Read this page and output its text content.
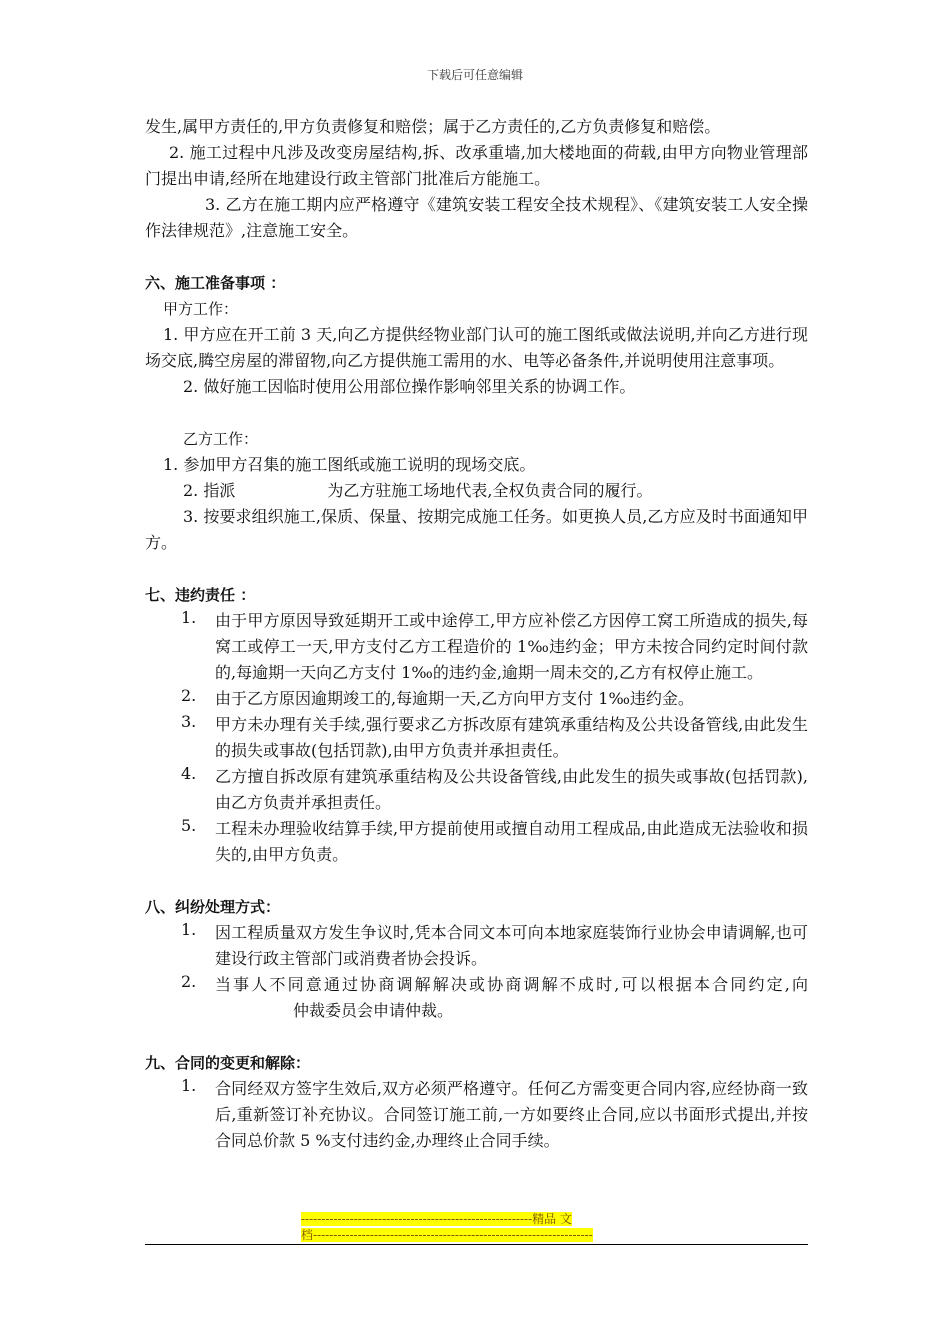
下载后可任意编辑

发生,属甲方责任的,甲方负责修复和赔偿；属于乙方责任的,乙方负责修复和赔偿。

2. 施工过程中凡涉及改变房屋结构,拆、改承重墙,加大楼地面的荷载,由甲方向物业管理部门提出申请,经所在地建设行政主管部门批准后方能施工。

3. 乙方在施工期内应严格遵守《建筑安装工程安全技术规程》、《建筑安装工人安全操作法律规范》,注意施工安全。

六、施工准备事项 ：

甲方工作：

1. 甲方应在开工前 3 天,向乙方提供经物业部门认可的施工图纸或做法说明,并向乙方进行现场交底,腾空房屋的滞留物,向乙方提供施工需用的水、电等必备条件,并说明使用注意事项。

2. 做好施工因临时使用公用部位操作影响邻里关系的协调工作。

乙方工作：

1. 参加甲方召集的施工图纸或施工说明的现场交底。

2. 指派	为乙方驻施工场地代表,全权负责合同的履行。

3. 按要求组织施工,保质、保量、按期完成施工任务。如更换人员,乙方应及时书面通知甲方。

七、违约责任 ：

1.	由于甲方原因导致延期开工或中途停工,甲方应补偿乙方因停工窝工所造成的损失,每窝工或停工一天,甲方支付乙方工程造价的 1‰违约金；甲方未按合同约定时间付款的,每逾期一天向乙方支付 1‰的违约金,逾期一周未交的,乙方有权停止施工。

2.	由于乙方原因逾期竣工的,每逾期一天,乙方向甲方支付 1‰违约金。

3.	甲方未办理有关手续,强行要求乙方拆改原有建筑承重结构及公共设备管线,由此发生的损失或事故(包括罚款),由甲方负责并承担责任。

4.	乙方擅自拆改原有建筑承重结构及公共设备管线,由此发生的损失或事故(包括罚款),由乙方负责并承担责任。

5.	工程未办理验收结算手续,甲方提前使用或擅自动用工程成品,由此造成无法验收和损失的,由甲方负责。

八、纠纷处理方式：

1.	因工程质量双方发生争议时,凭本合同文本可向本地家庭装饰行业协会申请调解,也可建设行政主管部门或消费者协会投诉。

2.	当事人不同意通过协商调解解决或协商调解不成时,可以根据本合同约定,向仲裁委员会申请仲裁。

九、合同的变更和解除：

1.	合同经双方签字生效后,双方必须严格遵守。任何乙方需变更合同内容,应经协商一致后,重新签订补充协议。合同签订施工前,一方如要终止合同,应以书面形式提出,并按合同总价款 5 %支付违约金,办理终止合同手续。

---------------------------------------------------------精品 文
档---------------------------------------------------------------------
